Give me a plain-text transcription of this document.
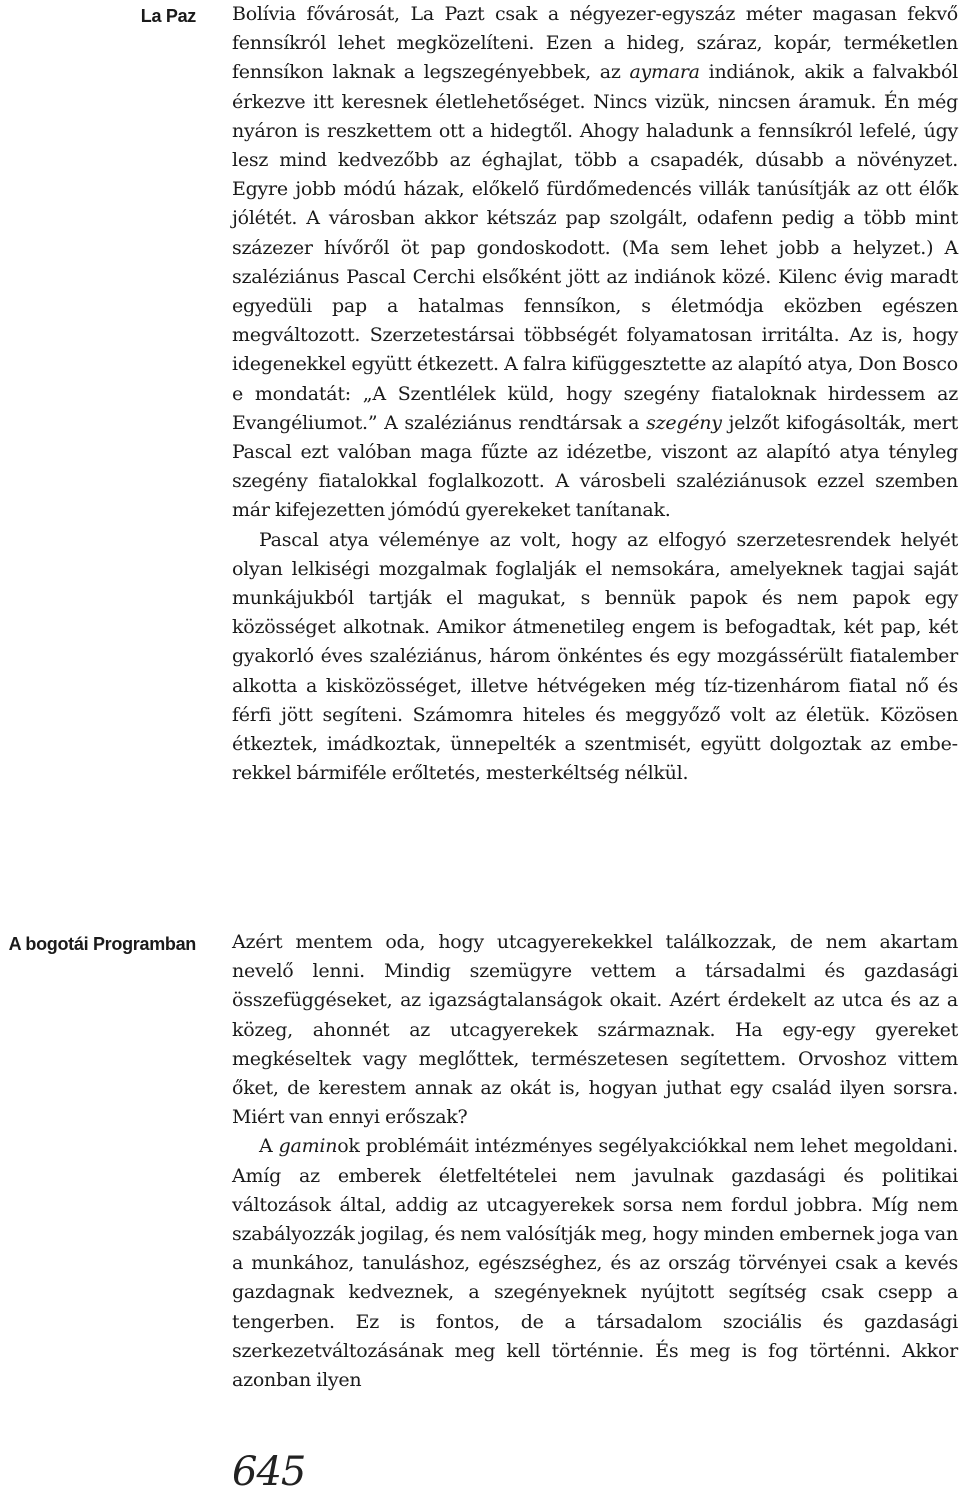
La Paz
A bogotái Programban

Bolívia fővárosát, La Pazt csak a négyezer-egyszáz méter magasan fekvő fennsíkról lehet megközelíteni. Ezen a hideg, száraz, kopár, terméketlen fennsíkon laknak a legszegényebbek, az aymara indiánok, akik a falvakból érkezve itt keresnek életlehetőséget. Nincs vizük, nincsen áramuk. Én még nyáron is reszkettem ott a hidegtől. Ahogy haladunk a fennsíkról lefelé, úgy lesz mind kedvezőbb az éghajlat, több a csapadék, dúsabb a növényzet. Egyre jobb módú házak, előkelő fürdőmedencés villák tanúsítják az ott élők jólétét. A városban akkor kétszáz pap szolgált, odafenn pedig a több mint százezer hívőről öt pap gondoskodott. (Ma sem lehet jobb a helyzet.) A szaléziánus Pascal Cerchi elsőként jött az indiánok közé. Kilenc évig maradt egyedüli pap a hatalmas fennsíkon, s életmódja eközben egészen megváltozott. Szerzetestársai többségét folyamatosan irritálta. Az is, hogy idegenekkel együtt étkezett. A falra kifüggesztette az alapító atya, Don Bosco e mondatát: „A Szentlélek küld, hogy szegény fiataloknak hirdessem az Evangéliumot.” A szaléziánus rendtársak a szegény jelzőt kifogásolták, mert Pascal ezt valóban maga fűzte az idézetbe, viszont az alapító atya tényleg szegény fiatalokkal foglalkozott. A városbeli szaléziánusok ezzel szemben már kifejezetten jómódú gyerekeket tanítanak.

Pascal atya véleménye az volt, hogy az elfogyó szerzetesrendek helyét olyan lelkiségi mozgalmak foglalják el nemsokára, amelyeknek tagjai saját munkájukból tartják el magukat, s bennük papok és nem papok egy közösséget alkotnak. Amikor átmenetileg engem is befogadtak, két pap, két gyakorló éves szaléziánus, három önkéntes és egy mozgássérült fiatalember alkotta a kisközösséget, illetve hétvégeken még tíz-tizenhárom fiatal nő és férfi jött segíteni. Számomra hiteles és meggyőző volt az életük. Közösen étkeztek, imádkoztak, ünnepelték a szentmisét, együtt dolgoztak az emberekkel bármiféle erőltetés, mesterkéltség nélkül.

Azért mentem oda, hogy utcagyerekekkel találkozzak, de nem akartam nevelő lenni. Mindig szemügyre vettem a társadalmi és gazdasági összefüggéseket, az igazságtalanságok okait. Azért érdekelt az utca és az a közeg, ahonnét az utcagyerekek származnak. Ha egy-egy gyereket megkéseltek vagy meglőttek, természetesen segítettem. Orvoshoz vittem őket, de kerestem annak az okát is, hogyan juthat egy család ilyen sorsra. Miért van ennyi erőszak?

A gaminok problémáit intézményes segélyakciókkal nem lehet megoldani. Amíg az emberek életfeltételei nem javulnak gazdasági és politikai változások által, addig az utcagyerekek sorsa nem fordul jobbra. Míg nem szabályozzák jogilag, és nem valósítják meg, hogy minden embernek joga van a munkához, tanuláshoz, egészséghez, és az ország törvényei csak a kevés gazdagnak kedveznek, a szegényeknek nyújtott segítség csak csepp a tengerben. Ez is fontos, de a társadalom szociális és gazdasági szerkezetváltozásának meg kell történnie. És meg is fog történni. Akkor azonban ilyen

645
